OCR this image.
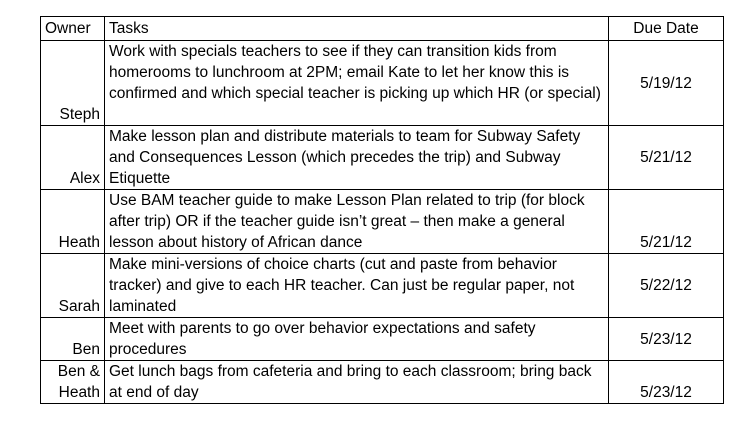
Owner	Tasks	Due Date
Steph	Work with specials teachers to see if they can transition kids from homerooms to lunchroom at 2PM; email Kate to let her know this is confirmed and which special teacher is picking up which HR (or special)	5/19/12
Alex	Make lesson plan and distribute materials to team for Subway Safety and Consequences Lesson (which precedes the trip) and Subway Etiquette	5/21/12
Heath	Use BAM teacher guide to make Lesson Plan related to trip (for block after trip) OR if the teacher guide isn’t great – then make a general lesson about history of African dance	5/21/12
Sarah	Make mini-versions of choice charts (cut and paste from behavior tracker) and give to each HR teacher. Can just be regular paper, not laminated	5/22/12
Ben	Meet with parents to go over behavior expectations and safety procedures	5/23/12
Ben & Heath	Get lunch bags from cafeteria and bring to each classroom; bring back at end of day	5/23/12
